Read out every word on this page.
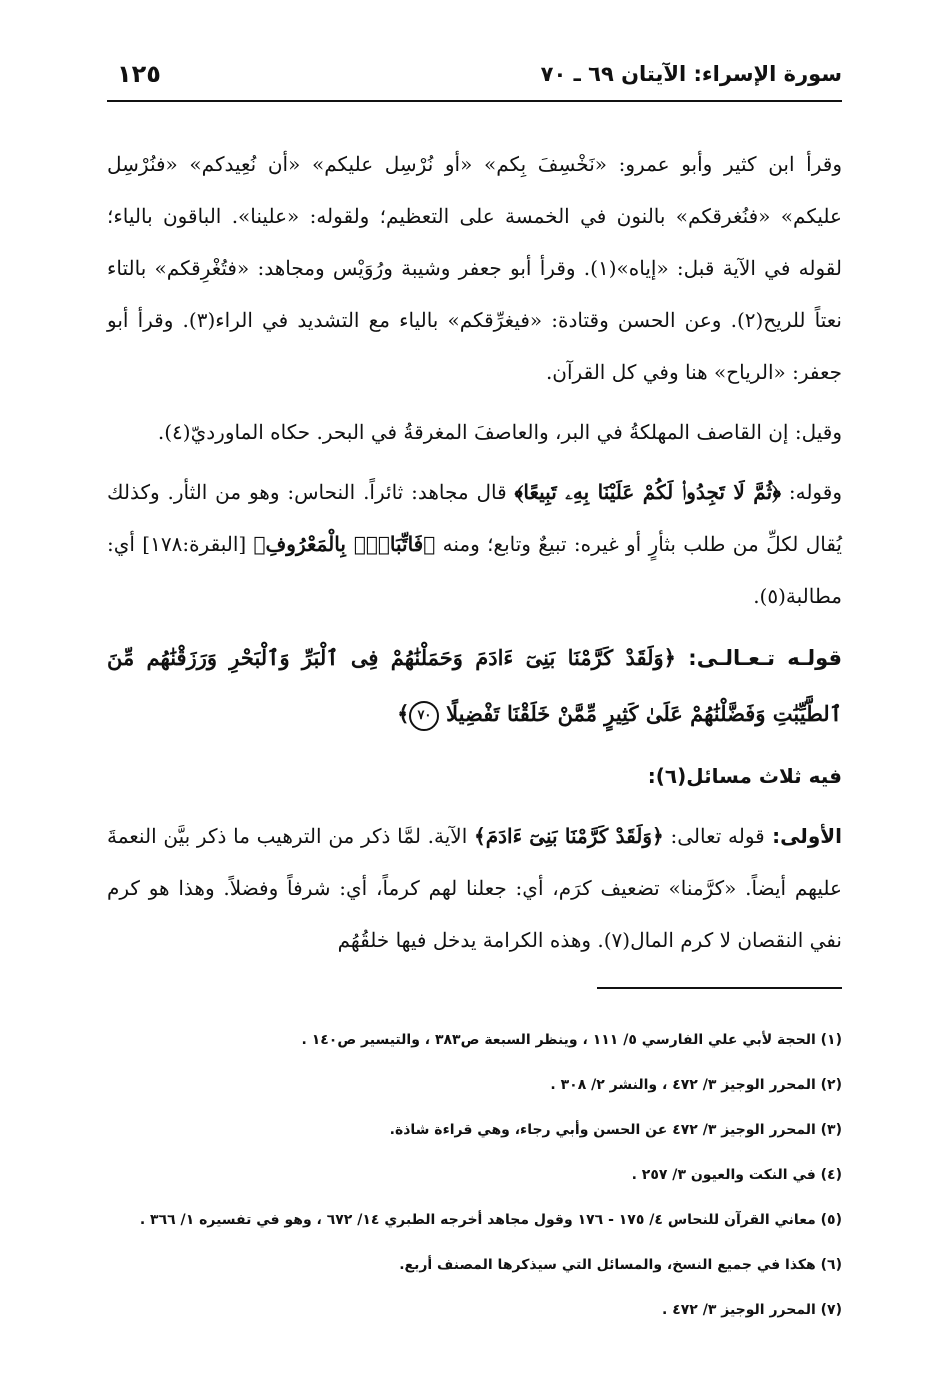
سورة الإسراء: الآيتان ٦٩ ـ ٧٠
١٢٥

وقرأ ابن كثير وأبو عمرو: «نَخْسِفَ بِكم» «أو نُرْسِل عليكم» «أن نُعِيدكم» «فنُرْسِل عليكم» «فنُغرقكم» بالنون في الخمسة على التعظيم؛ ولقوله: «علينا». الباقون بالياء؛ لقوله في الآية قبل: «إياه»(١). وقرأ أبو جعفر وشيبة ورُوَيْس ومجاهد: «فتُغْرِقكم» بالتاء نعتاً للريح(٢). وعن الحسن وقتادة: «فيغرِّقكم» بالياء مع التشديد في الراء(٣). وقرأ أبو جعفر: «الرياح» هنا وفي كل القرآن.

وقيل: إن القاصف المهلكةُ في البر، والعاصفَ المغرقةُ في البحر. حكاه الماورديّ(٤).

وقوله: ﴿ثُمَّ لَا تَجِدُوا۟ لَكُمْ عَلَيْنَا بِهِۦ تَبِيعًا﴾ قال مجاهد: ثائراً. النحاس: وهو من الثأر. وكذلك يُقال لكلِّ من طلب بثأرٍ أو غيره: تبيعٌ وتابع؛ ومنه ﴿فَاتِّبَاعٌۢ بِالْمَعْرُوفِ﴾ [البقرة:١٧٨] أي: مطالبة(٥).

قولـه تـعـالـى: ﴿وَلَقَدْ كَرَّمْنَا بَنِىٓ ءَادَمَ وَحَمَلْنَٰهُمْ فِى ٱلْبَرِّ وَٱلْبَحْرِ وَرَزَقْنَٰهُم مِّنَ ٱلطَّيِّبَٰتِ وَفَضَّلْنَٰهُمْ عَلَىٰ كَثِيرٍ مِّمَّنْ خَلَقْنَا تَفْضِيلًا ٧٠﴾

فيه ثلاث مسائل(٦):

الأولى: قوله تعالى: ﴿وَلَقَدْ كَرَّمْنَا بَنِىٓ ءَادَمَ﴾ الآية. لمَّا ذكر من الترهيب ما ذكر بيَّن النعمةَ عليهم أيضاً. «كرَّمنا» تضعيف كرَم، أي: جعلنا لهم كرماً، أي: شرفاً وفضلاً. وهذا هو كرم نفي النقصان لا كرم المال(٧). وهذه الكرامة يدخل فيها خلقُهُم

(١) الحجة لأبي علي الفارسي ٥/ ١١١ ، وينظر السبعة ص٣٨٣ ، والتيسير ص١٤٠ .

(٢) المحرر الوجيز ٣/ ٤٧٢ ، والنشر ٢/ ٣٠٨ .

(٣) المحرر الوجيز ٣/ ٤٧٢ عن الحسن وأبي رجاء، وهي قراءة شاذة.

(٤) في النكت والعيون ٣/ ٢٥٧ .

(٥) معاني القرآن للنحاس ٤/ ١٧٥ - ١٧٦ وقول مجاهد أخرجه الطبري ١٤/ ٦٧٢ ، وهو في تفسيره ١/ ٣٦٦ .

(٦) هكذا في جميع النسخ، والمسائل التي سيذكرها المصنف أربع.

(٧) المحرر الوجيز ٣/ ٤٧٢ .
